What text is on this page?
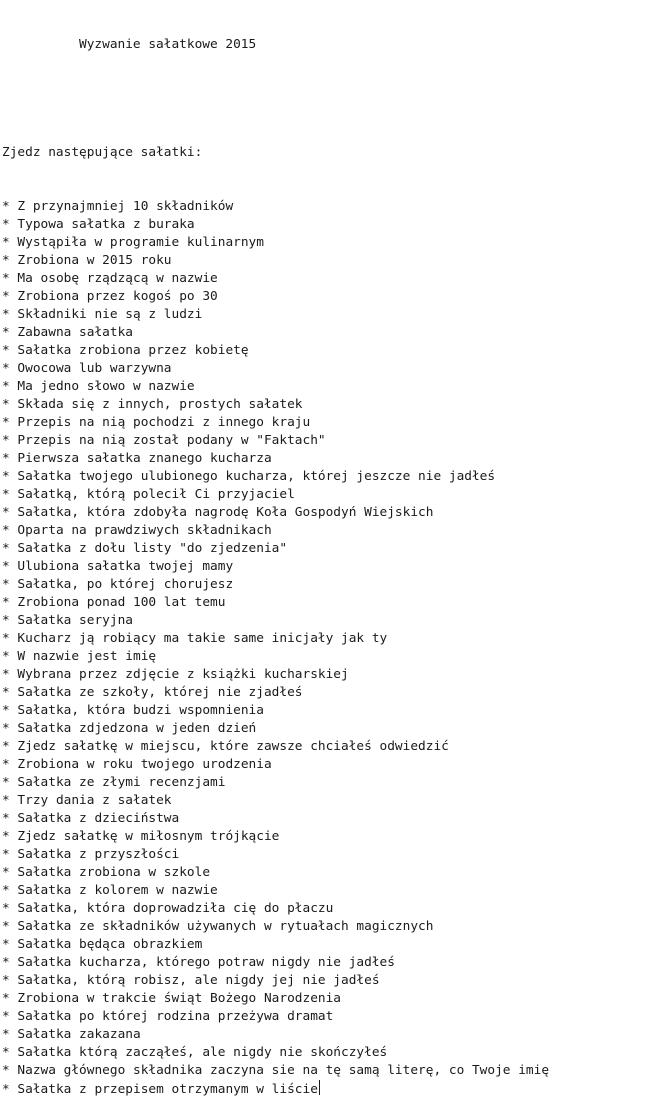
Wyzwanie sałatkowe 2015

Zjedz następujące sałatki:

* Z przynajmniej 10 składników
* Typowa sałatka z buraka
* Wystąpiła w programie kulinarnym
* Zrobiona w 2015 roku
* Ma osobę rządzącą w nazwie
* Zrobiona przez kogoś po 30
* Składniki nie są z ludzi
* Zabawna sałatka
* Sałatka zrobiona przez kobietę
* Owocowa lub warzywna
* Ma jedno słowo w nazwie
* Składa się z innych, prostych sałatek
* Przepis na nią pochodzi z innego kraju
* Przepis na nią został podany w "Faktach"
* Pierwsza sałatka znanego kucharza
* Sałatka twojego ulubionego kucharza, której jeszcze nie jadłeś
* Sałatką, którą polecił Ci przyjaciel
* Sałatka, która zdobyła nagrodę Koła Gospodyń Wiejskich
* Oparta na prawdziwych składnikach
* Sałatka z dołu listy "do zjedzenia"
* Ulubiona sałatka twojej mamy
* Sałatka, po której chorujesz
* Zrobiona ponad 100 lat temu
* Sałatka seryjna
* Kucharz ją robiący ma takie same inicjały jak ty
* W nazwie jest imię
* Wybrana przez zdjęcie z książki kucharskiej
* Sałatka ze szkoły, której nie zjadłeś
* Sałatka, która budzi wspomnienia
* Sałatka zdjedzona w jeden dzień
* Zjedz sałatkę w miejscu, które zawsze chciałeś odwiedzić
* Zrobiona w roku twojego urodzenia
* Sałatka ze złymi recenzjami
* Trzy dania z sałatek
* Sałatka z dzieciństwa
* Zjedz sałatkę w miłosnym trójkącie
* Sałatka z przyszłości
* Sałatka zrobiona w szkole
* Sałatka z kolorem w nazwie
* Sałatka, która doprowadziła cię do płaczu
* Sałatka ze składników używanych w rytuałach magicznych
* Sałatka będąca obrazkiem
* Sałatka kucharza, którego potraw nigdy nie jadłeś
* Sałatka, którą robisz, ale nigdy jej nie jadłeś
* Zrobiona w trakcie świąt Bożego Narodzenia
* Sałatka po której rodzina przeżywa dramat
* Sałatka zakazana
* Sałatka którą zacząłeś, ale nigdy nie skończyłeś
* Nazwa głównego składnika zaczyna sie na tę samą literę, co Twoje imię
* Sałatka z przepisem otrzymanym w liście
